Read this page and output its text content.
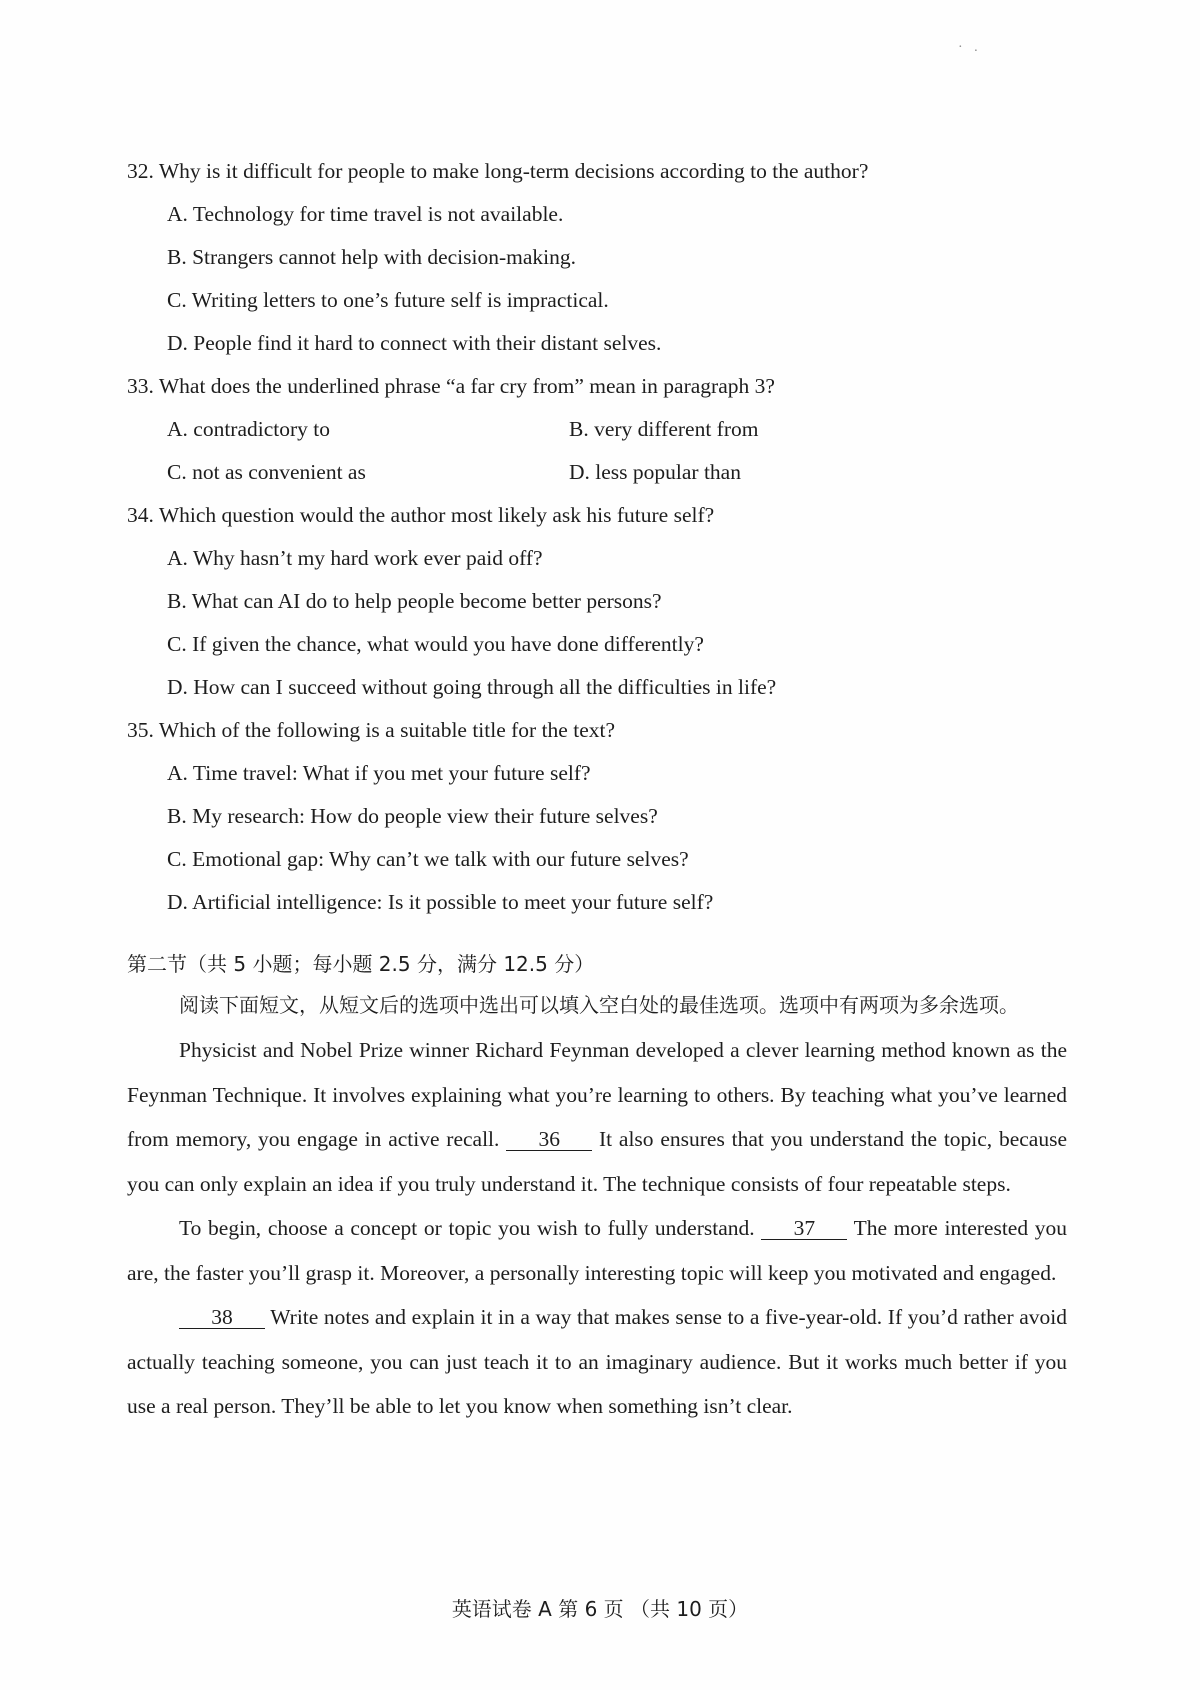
· .
32. Why is it difficult for people to make long-term decisions according to the author?
A. Technology for time travel is not available.
B. Strangers cannot help with decision-making.
C. Writing letters to one’s future self is impractical.
D. People find it hard to connect with their distant selves.
33. What does the underlined phrase “a far cry from” mean in paragraph 3?
A. contradictory to	B. very different from
C. not as convenient as	D. less popular than
34. Which question would the author most likely ask his future self?
A. Why hasn’t my hard work ever paid off?
B. What can AI do to help people become better persons?
C. If given the chance, what would you have done differently?
D. How can I succeed without going through all the difficulties in life?
35. Which of the following is a suitable title for the text?
A. Time travel: What if you met your future self?
B. My research: How do people view their future selves?
C. Emotional gap: Why can’t we talk with our future selves?
D. Artificial intelligence: Is it possible to meet your future self?
第二节（共 5 小题；每小题 2.5 分，满分 12.5 分）

阅读下面短文，从短文后的选项中选出可以填入空白处的最佳选项。选项中有两项为多余选项。

Physicist and Nobel Prize winner Richard Feynman developed a clever learning method known as the Feynman Technique. It involves explaining what you’re learning to others. By teaching what you’ve learned from memory, you engage in active recall. 36 It also ensures that you understand the topic, because you can only explain an idea if you truly understand it. The technique consists of four repeatable steps.

To begin, choose a concept or topic you wish to fully understand. 37 The more interested you are, the faster you’ll grasp it. Moreover, a personally interesting topic will keep you motivated and engaged.

38 Write notes and explain it in a way that makes sense to a five-year-old. If you’d rather avoid actually teaching someone, you can just teach it to an imaginary audience. But it works much better if you use a real person. They’ll be able to let you know when something isn’t clear.

英语试卷 A 第 6 页 （共 10 页）
